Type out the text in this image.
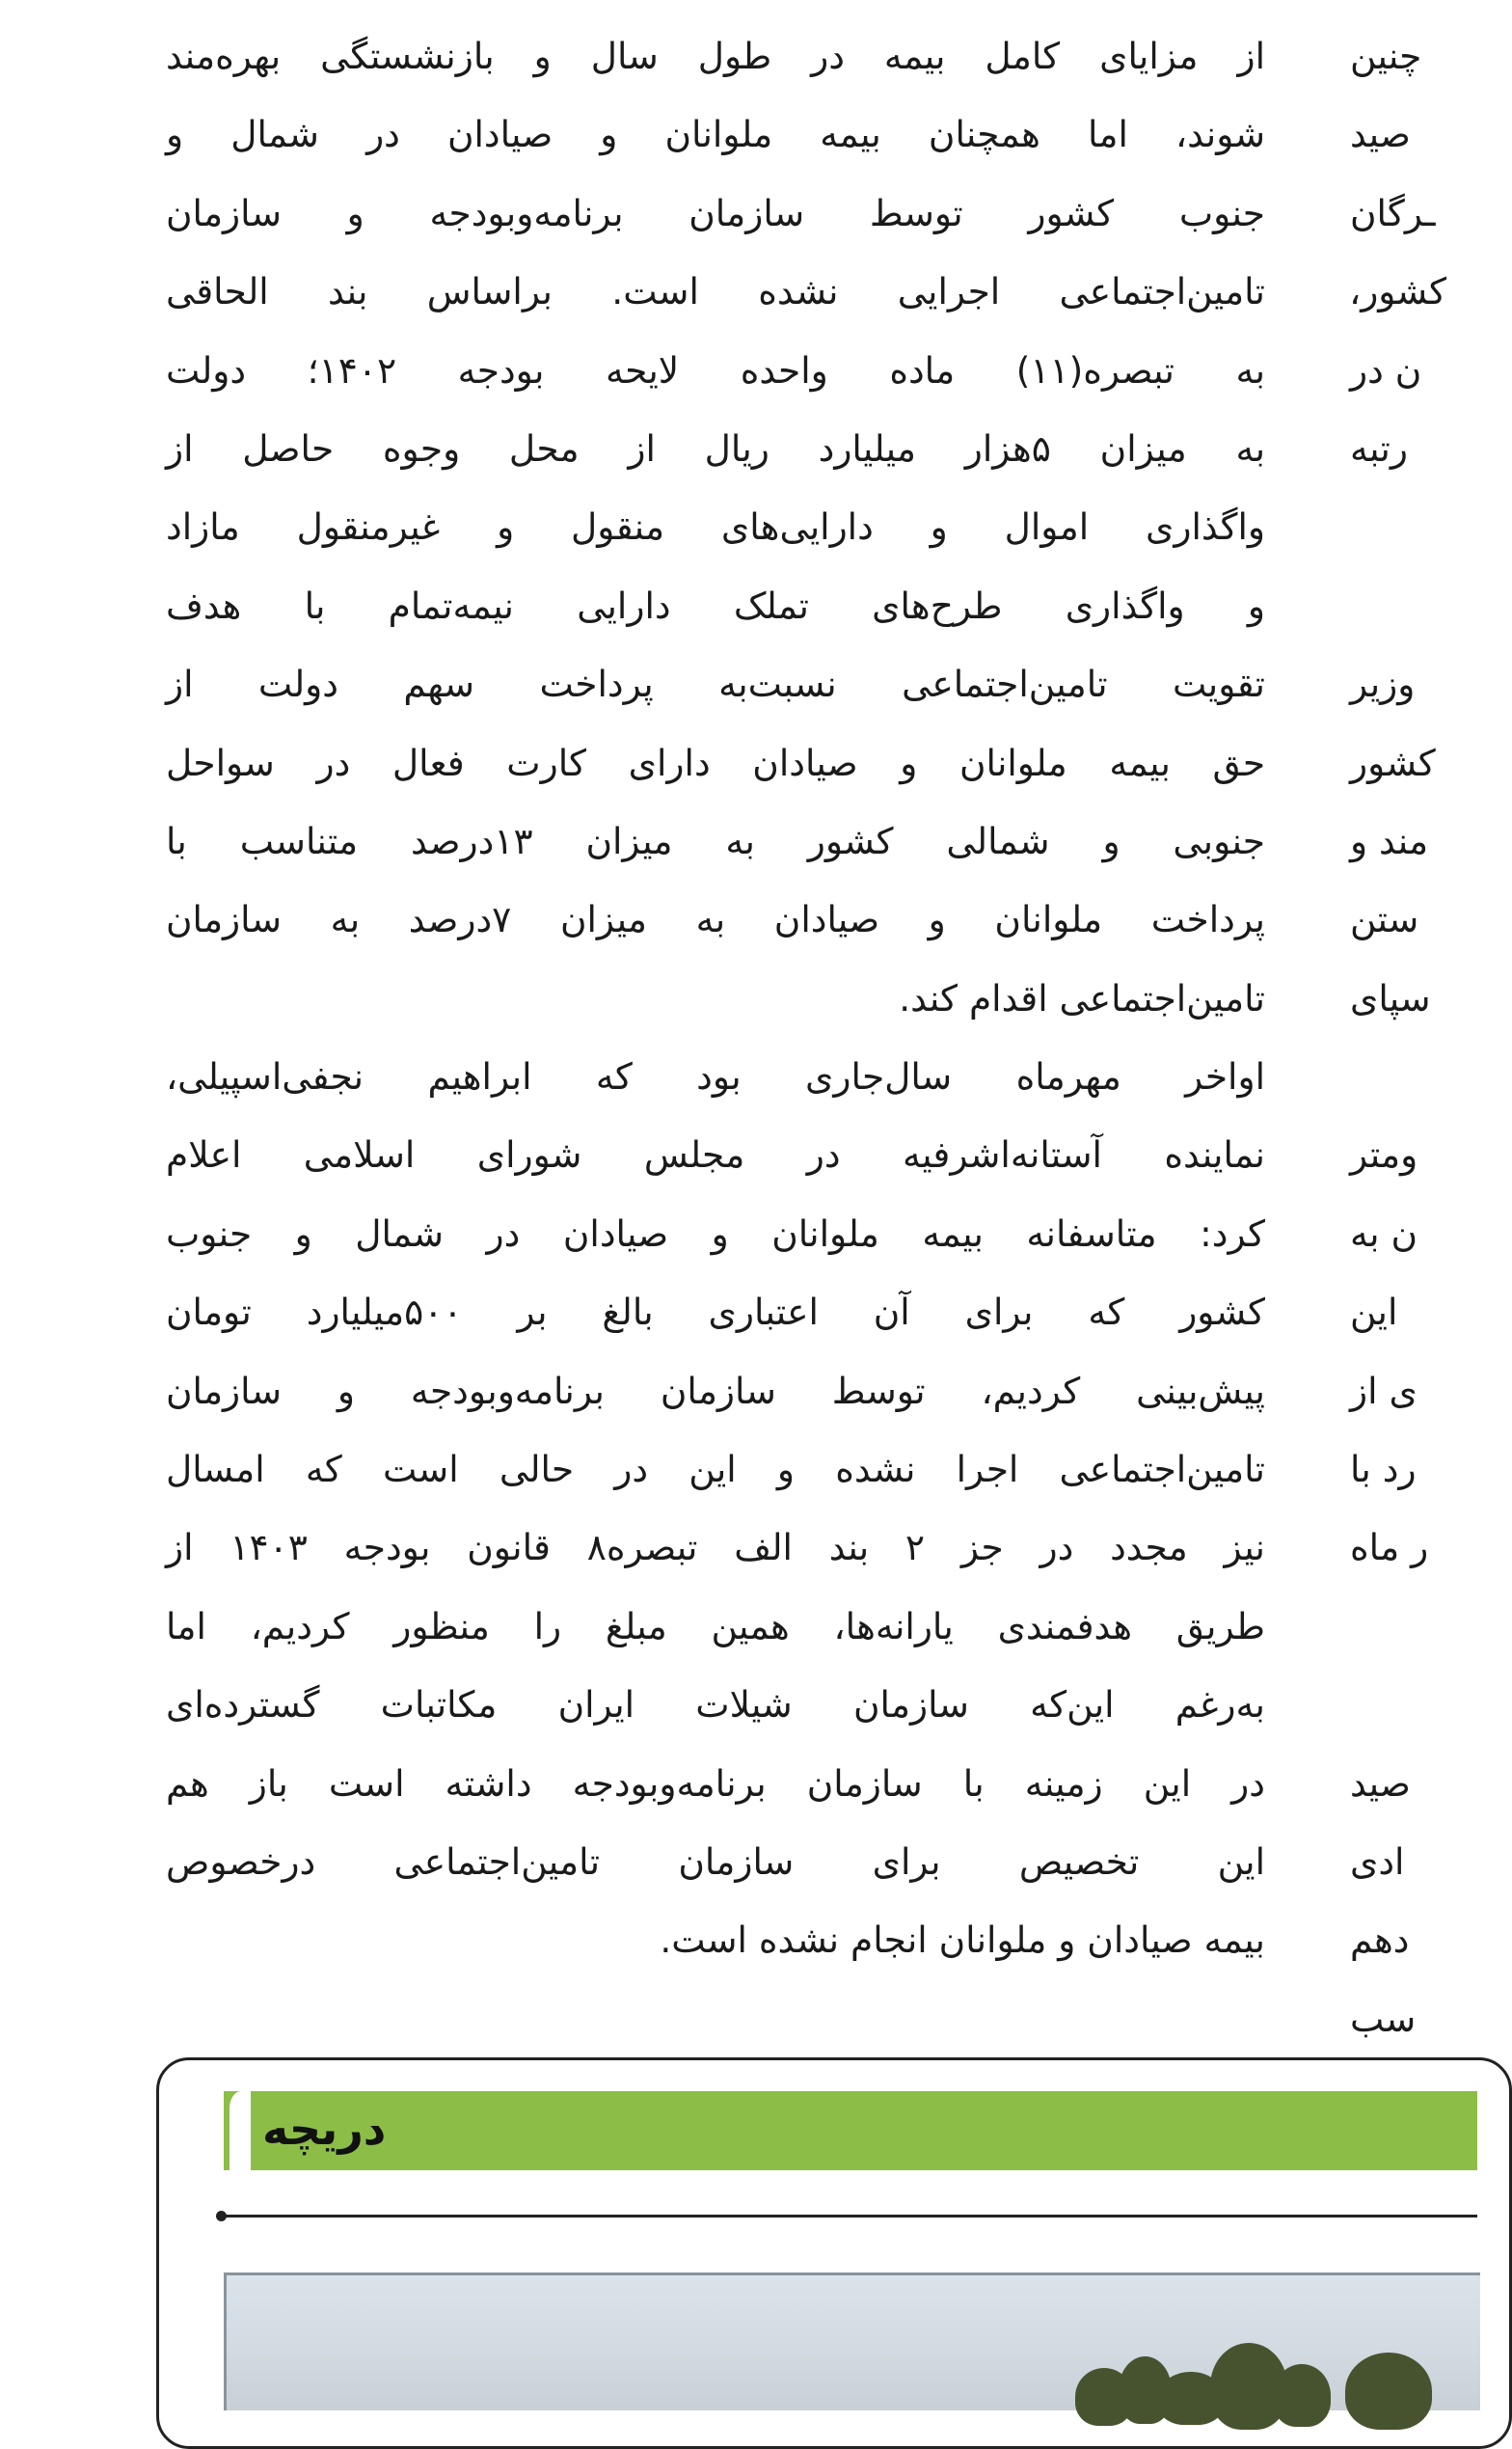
از مزایای کامل بیمه در طول سال و بازنشستگی بهره‌مند
شوند، اما همچنان بیمه ملوانان و صیادان در شمال و
جنوب کشور توسط سازمان برنامه‌وبودجه و سازمان
تامین‌اجتماعی اجرایی نشده است. براساس بند الحاقی
به تبصره(۱۱) ماده واحده لایحه بودجه ۱۴۰۲؛ دولت
به میزان ۵هزار میلیارد ریال از محل وجوه حاصل از
واگذاری اموال و دارایی‌های منقول و غیرمنقول مازاد
و واگذاری طرح‌های تملک دارایی نیمه‌تمام با هدف
تقویت تامین‌اجتماعی نسبت‌به پرداخت سهم دولت از
حق بیمه ملوانان و صیادان دارای کارت فعال در سواحل
جنوبی و شمالی کشور به میزان ۱۳درصد متناسب با
پرداخت ملوانان و صیادان به میزان ۷درصد به سازمان
تامین‌اجتماعی اقدام کند.
اواخر مهرماه سال‌جاری بود که ابراهیم نجفی‌اسپیلی،
نماینده آستانه‌اشرفیه در مجلس شورای اسلامی اعلام
کرد: متاسفانه بیمه ملوانان و صیادان در شمال و جنوب
کشور که برای آن اعتباری بالغ بر ۵۰۰میلیارد تومان
پیش‌بینی کردیم، توسط سازمان برنامه‌وبودجه و سازمان
تامین‌اجتماعی اجرا نشده و این در حالی است که امسال
نیز مجدد در جز ۲ بند الف تبصره۸ قانون بودجه ۱۴۰۳ از
طریق هدفمندی یارانه‌ها، همین مبلغ را منظور کردیم، اما
به‌رغم این‌که سازمان شیلات ایران مکاتبات گسترده‌ای
در این زمینه با سازمان برنامه‌وبودجه داشته است باز هم
این تخصیص برای سازمان تامین‌اجتماعی درخصوص
بیمه صیادان و ملوانان انجام نشده است.
چنین
صید
ـرگان
کشور،
ن در
رتبه
وزیر
کشور
مند و
ستن
سپای
ومتر
ن به
این
ی از
رد با
ر ماه
صید
ادی
دهم
سب
دریچه
